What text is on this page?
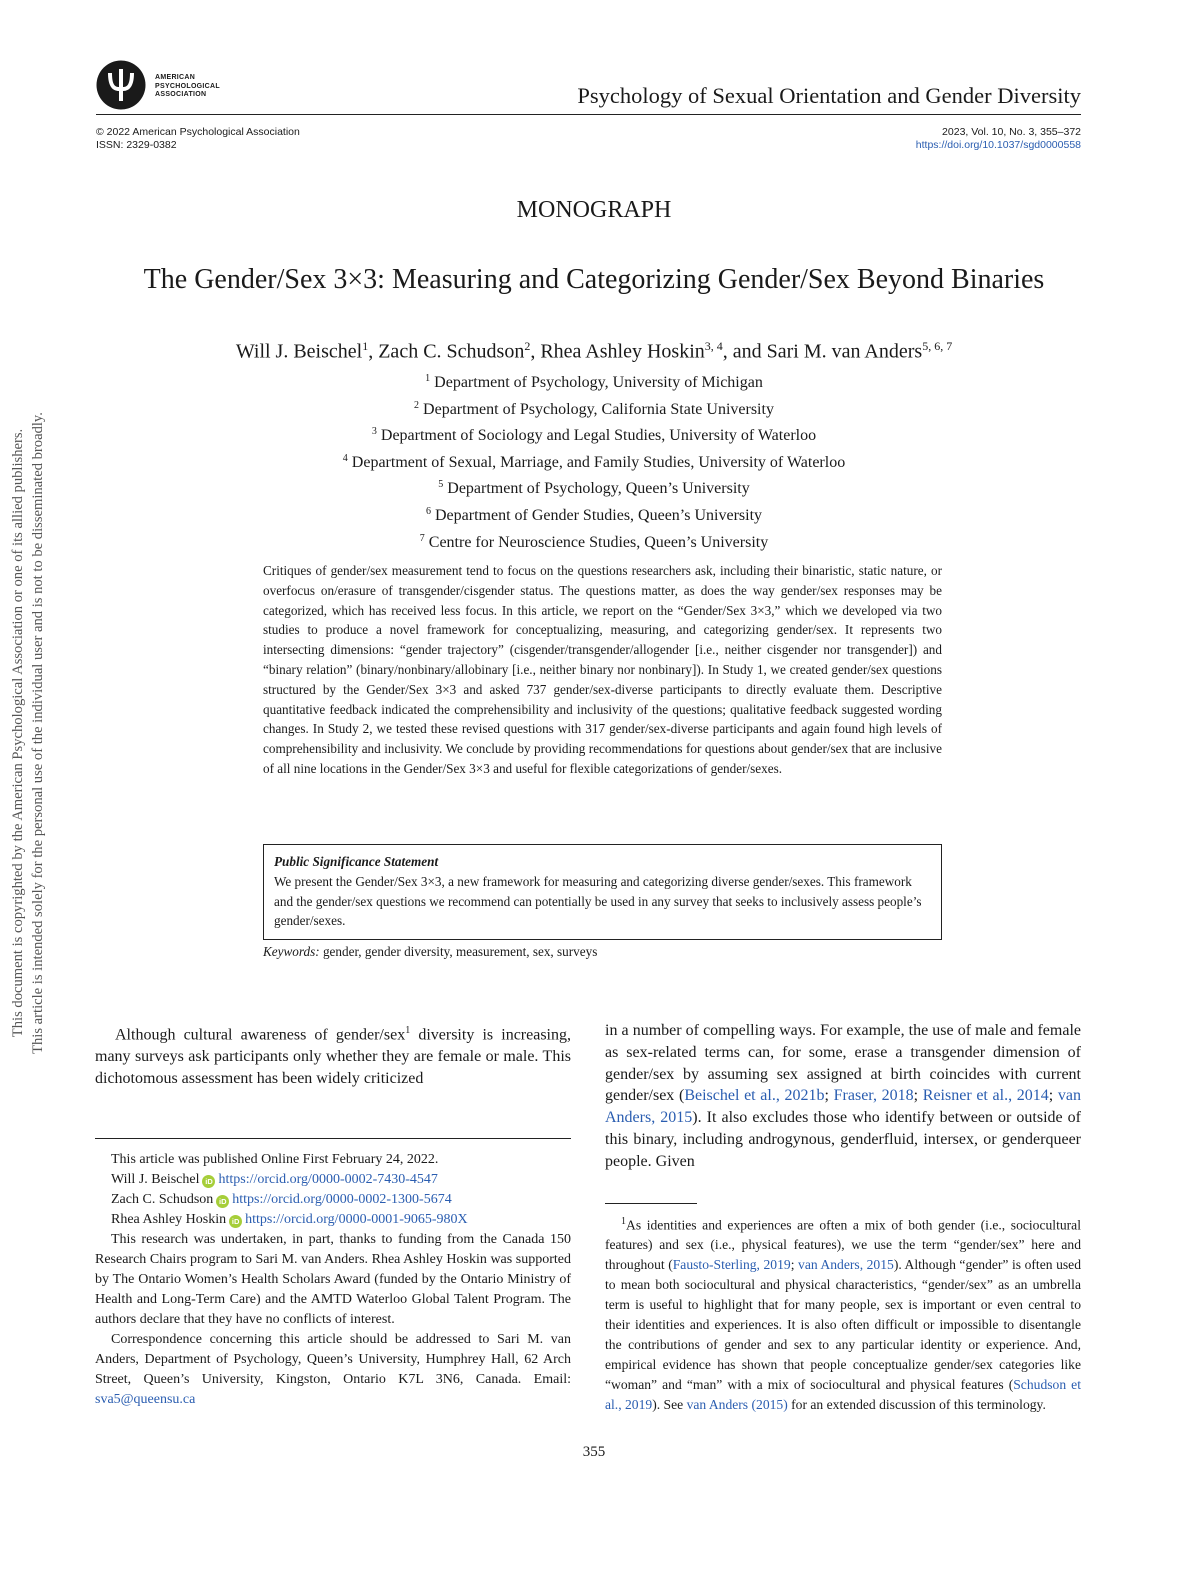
AMERICAN
PSYCHOLOGICAL
ASSOCIATION	Psychology of Sexual Orientation and Gender Diversity
© 2022 American Psychological Association
ISSN: 2329-0382
2023, Vol. 10, No. 3, 355–372
https://doi.org/10.1037/sgd0000558
MONOGRAPH
The Gender/Sex 3×3: Measuring and Categorizing Gender/Sex Beyond Binaries
Will J. Beischel$^1$, Zach C. Schudson$^2$, Rhea Ashley Hoskin$^{3, 4}$, and Sari M. van Anders$^{5, 6, 7}$
$^1$ Department of Psychology, University of Michigan
$^2$ Department of Psychology, California State University
$^3$ Department of Sociology and Legal Studies, University of Waterloo
$^4$ Department of Sexual, Marriage, and Family Studies, University of Waterloo
$^5$ Department of Psychology, Queen’s University
$^6$ Department of Gender Studies, Queen’s University
$^7$ Centre for Neuroscience Studies, Queen’s University
Critiques of gender/sex measurement tend to focus on the questions researchers ask, including their binaristic, static nature, or overfocus on/erasure of transgender/cisgender status. The questions matter, as does the way gender/sex responses may be categorized, which has received less focus. In this article, we report on the “Gender/Sex 3×3,” which we developed via two studies to produce a novel framework for conceptualizing, measuring, and categorizing gender/sex. It represents two intersecting dimensions: “gender trajectory” (cisgender/transgender/allogender [i.e., neither cisgender nor transgender]) and “binary relation” (binary/nonbinary/allobinary [i.e., neither binary nor nonbinary]). In Study 1, we created gender/sex questions structured by the Gender/Sex 3×3 and asked 737 gender/sex-diverse participants to directly evaluate them. Descriptive quantitative feedback indicated the comprehensibility and inclusivity of the questions; qualitative feedback suggested wording changes. In Study 2, we tested these revised questions with 317 gender/sex-diverse participants and again found high levels of comprehensibility and inclusivity. We conclude by providing recommendations for questions about gender/sex that are inclusive of all nine locations in the Gender/Sex 3×3 and useful for flexible categorizations of gender/sexes.
Public Significance Statement
We present the Gender/Sex 3×3, a new framework for measuring and categorizing diverse gender/sexes. This framework and the gender/sex questions we recommend can potentially be used in any survey that seeks to inclusively assess people’s gender/sexes.
Keywords: gender, gender diversity, measurement, sex, surveys
This document is copyrighted by the American Psychological Association or one of its allied publishers. This article is intended solely for the personal use of the individual user and is not to be disseminated broadly.	Although cultural awareness of gender/sex$^1$ diversity is increasing, many surveys ask participants only whether they are female or male. This dichotomous assessment has been widely criticized
in a number of compelling ways. For example, the use of male and female as sex-related terms can, for some, erase a transgender dimension of gender/sex by assuming sex assigned at birth coincides with current gender/sex (Beischel et al., 2021b; Fraser, 2018; Reisner et al., 2014; van Anders, 2015). It also excludes those who identify between or outside of this binary, including androgynous, genderfluid, intersex, or genderqueer people. Given

This article was published Online First February 24, 2022.

Will J. Beischel iD https://orcid.org/0000-0002-7430-4547

Zach C. Schudson iD https://orcid.org/0000-0002-1300-5674

Rhea Ashley Hoskin iD https://orcid.org/0000-0001-9065-980X

This research was undertaken, in part, thanks to funding from the Canada 150 Research Chairs program to Sari M. van Anders. Rhea Ashley Hoskin was supported by The Ontario Women’s Health Scholars Award (funded by the Ontario Ministry of Health and Long-Term Care) and the AMTD Waterloo Global Talent Program. The authors declare that they have no conflicts of interest.

Correspondence concerning this article should be addressed to Sari M. van Anders, Department of Psychology, Queen’s University, Humphrey Hall, 62 Arch Street, Queen’s University, Kingston, Ontario K7L 3N6, Canada. Email: sva5@queensu.ca

$^1$As identities and experiences are often a mix of both gender (i.e., sociocultural features) and sex (i.e., physical features), we use the term “gender/sex” here and throughout (Fausto-Sterling, 2019; van Anders, 2015). Although “gender” is often used to mean both sociocultural and physical characteristics, “gender/sex” as an umbrella term is useful to highlight that for many people, sex is important or even central to their identities and experiences. It is also often difficult or impossible to disentangle the contributions of gender and sex to any particular identity or experience. And, empirical evidence has shown that people conceptualize gender/sex categories like “woman” and “man” with a mix of sociocultural and physical features (Schudson et al., 2019). See van Anders (2015) for an extended discussion of this terminology.
355
